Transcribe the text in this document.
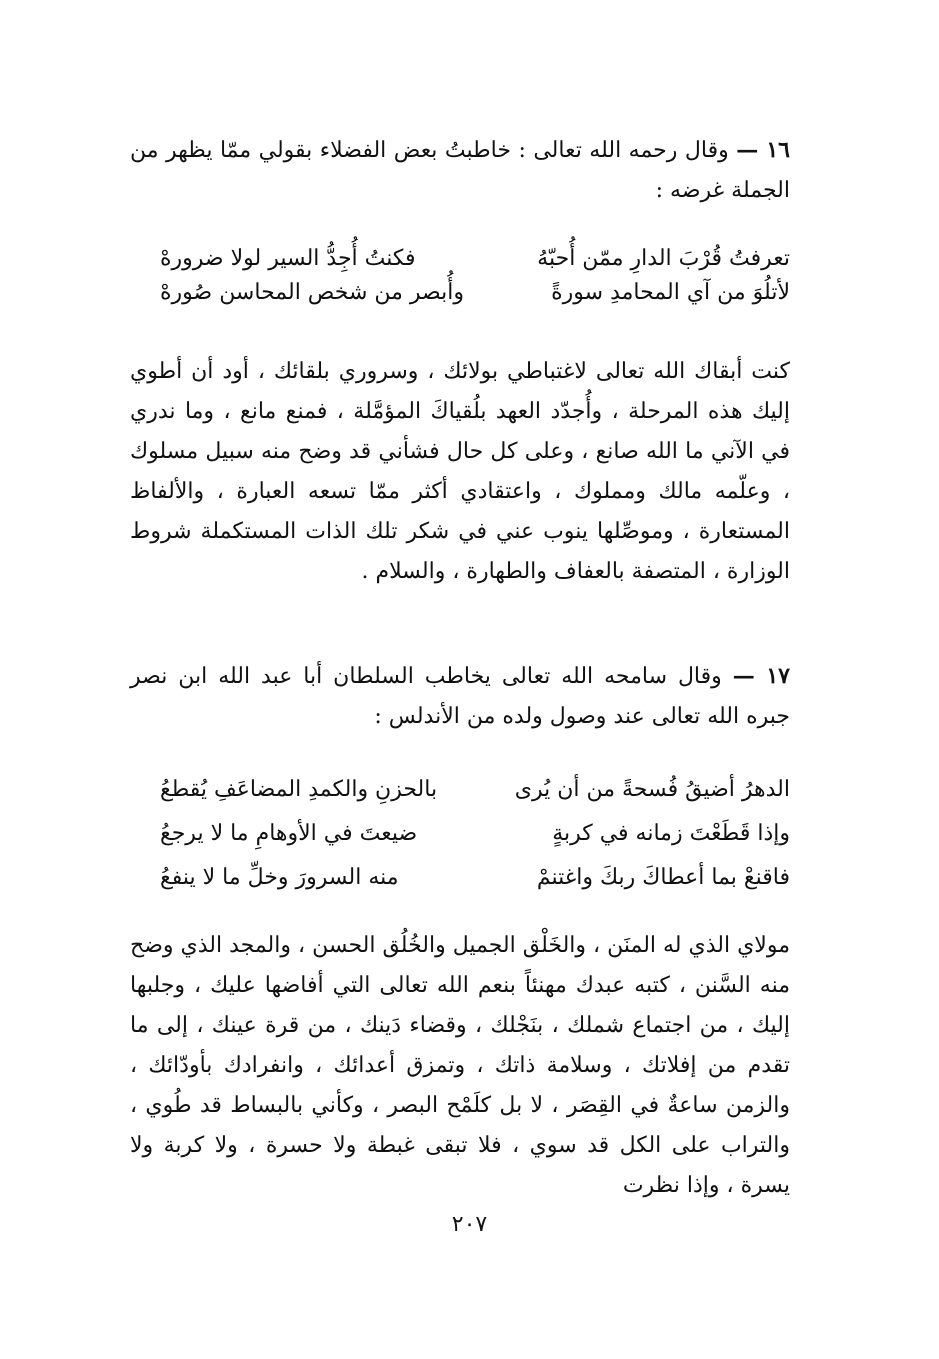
١٦ — وقال رحمه الله تعالى : خاطبتُ بعض الفضلاء بقولي ممّا يظهر من الجملة غرضه :

تعرفتُ قُرْبَ الدارِ ممّن أُحبّهُ
فكنتُ أُجِدُّ السير لولا ضرورهْ
لأتلُوَ من آي المحامدِ سورةً
وأُبصر من شخص المحاسن صُورهْ

كنت أبقاك الله تعالى لاغتباطي بولائك ، وسروري بلقائك ، أود أن أطوي إليك هذه المرحلة ، وأُجدّد العهد بلُقياكَ المؤمَّلة ، فمنع مانع ، وما ندري في الآني ما الله صانع ، وعلى كل حال فشأني قد وضح منه سبيل مسلوك ، وعلّمه مالك ومملوك ، واعتقادي أكثر ممّا تسعه العبارة ، والألفاظ المستعارة ، وموصِّلها ينوب عني في شكر تلك الذات المستكملة شروط الوزارة ، المتصفة بالعفاف والطهارة ، والسلام .

١٧ — وقال سامحه الله تعالى يخاطب السلطان أبا عبد الله ابن نصر جبره الله تعالى عند وصول ولده من الأندلس :

الدهرُ أضيقُ فُسحةً من أن يُرى
بالحزنِ والكمدِ المضاعَفِ يُقطعُ
وإذا قَطَعْتَ زمانه في كربةٍ
ضيعتَ في الأوهامِ ما لا يرجعُ
فاقنعْ بما أعطاكَ ربكَ واغتنمْ
منه السرورَ وخلِّ ما لا ينفعُ

مولاي الذي له المنَن ، والخَلْق الجميل والخُلُق الحسن ، والمجد الذي وضح منه السَّنن ، كتبه عبدك مهنئاً بنعم الله تعالى التي أفاضها عليك ، وجلبها إليك ، من اجتماع شملك ، بنَجْلك ، وقضاء دَينك ، من قرة عينك ، إلى ما تقدم من إفلاتك ، وسلامة ذاتك ، وتمزق أعدائك ، وانفرادك بأودّائك ، والزمن ساعةٌ في القِصَر ، لا بل كلَمْح البصر ، وكأني بالبساط قد طُوي ، والتراب على الكل قد سوي ، فلا تبقى غبطة ولا حسرة ، ولا كربة ولا يسرة ، وإذا نظرت

٢٠٧
